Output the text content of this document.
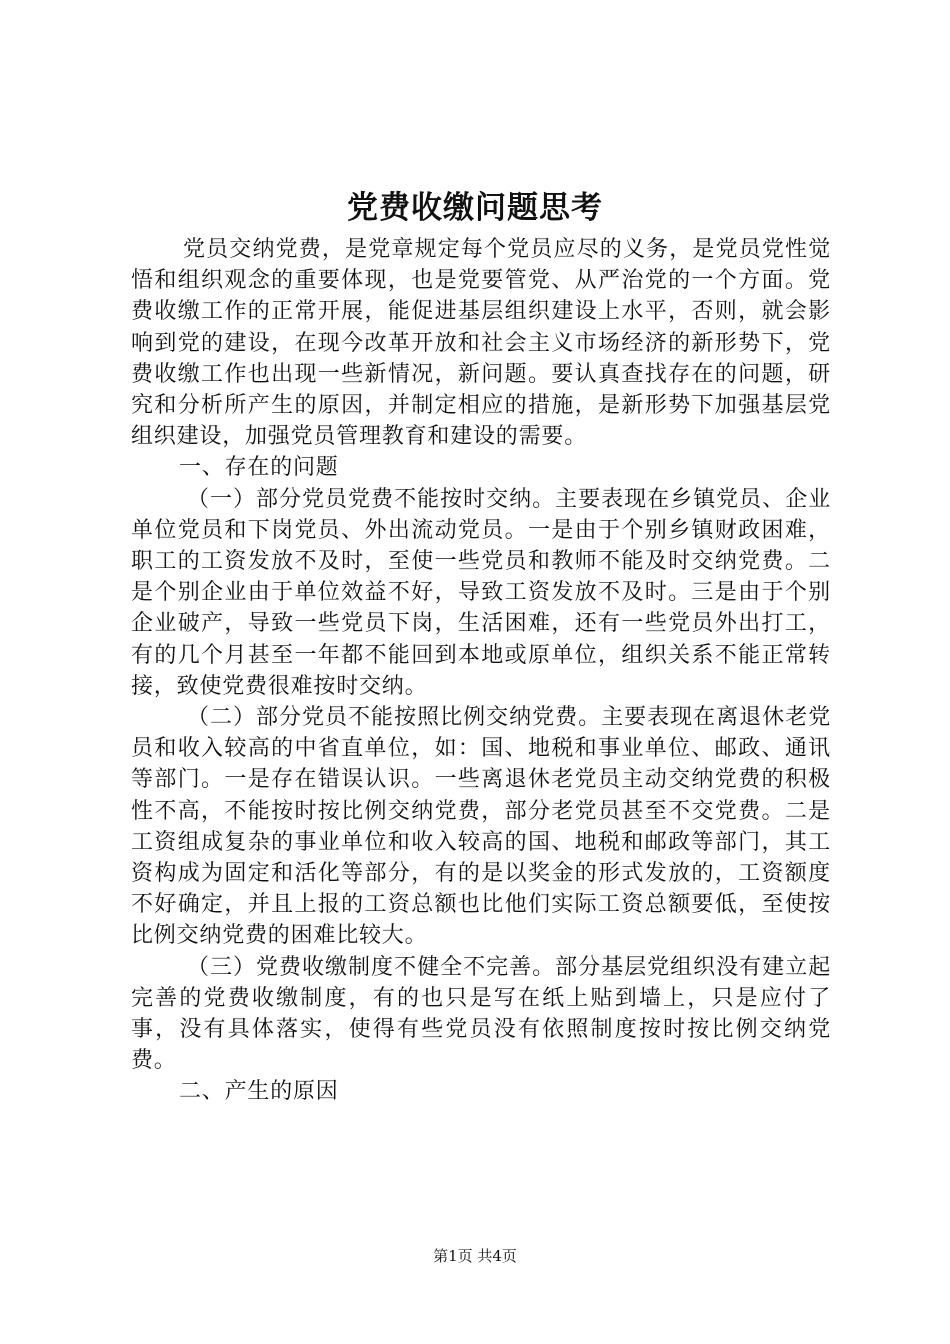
党费收缴问题思考

党员交纳党费，是党章规定每个党员应尽的义务，是党员党性觉悟和组织观念的重要体现，也是党要管党、从严治党的一个方面。党费收缴工作的正常开展，能促进基层组织建设上水平，否则，就会影响到党的建设，在现今改革开放和社会主义市场经济的新形势下，党费收缴工作也出现一些新情况，新问题。要认真查找存在的问题，研究和分析所产生的原因，并制定相应的措施，是新形势下加强基层党组织建设，加强党员管理教育和建设的需要。

一、存在的问题

（一）部分党员党费不能按时交纳。主要表现在乡镇党员、企业单位党员和下岗党员、外出流动党员。一是由于个别乡镇财政困难，职工的工资发放不及时，至使一些党员和教师不能及时交纳党费。二是个别企业由于单位效益不好，导致工资发放不及时。三是由于个别企业破产，导致一些党员下岗，生活困难，还有一些党员外出打工，有的几个月甚至一年都不能回到本地或原单位，组织关系不能正常转接，致使党费很难按时交纳。

（二）部分党员不能按照比例交纳党费。主要表现在离退休老党员和收入较高的中省直单位，如：国、地税和事业单位、邮政、通讯等部门。一是存在错误认识。一些离退休老党员主动交纳党费的积极性不高，不能按时按比例交纳党费，部分老党员甚至不交党费。二是工资组成复杂的事业单位和收入较高的国、地税和邮政等部门，其工资构成为固定和活化等部分，有的是以奖金的形式发放的，工资额度不好确定，并且上报的工资总额也比他们实际工资总额要低，至使按比例交纳党费的困难比较大。

（三）党费收缴制度不健全不完善。部分基层党组织没有建立起完善的党费收缴制度，有的也只是写在纸上贴到墙上，只是应付了事，没有具体落实，使得有些党员没有依照制度按时按比例交纳党费。

二、产生的原因

第1页 共4页
